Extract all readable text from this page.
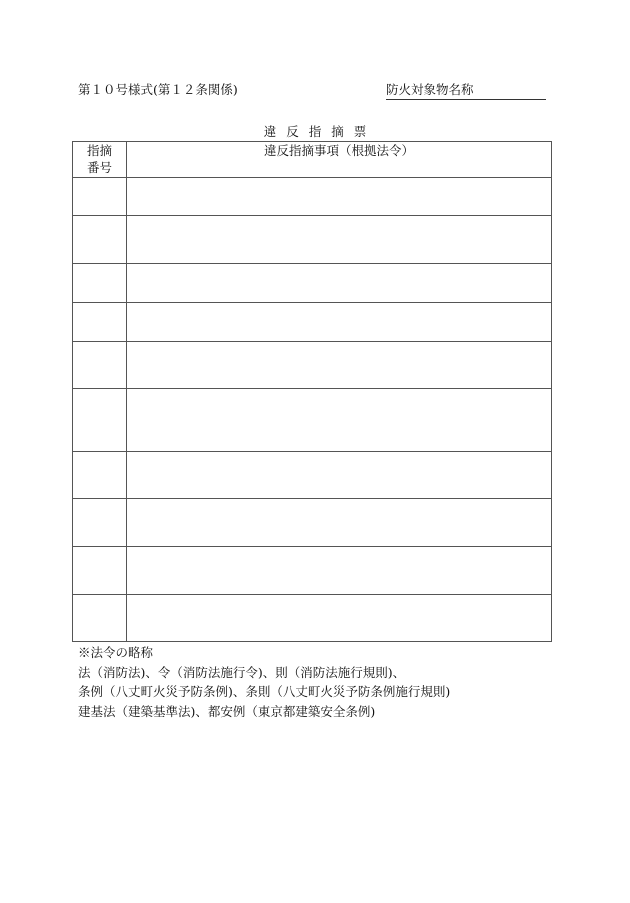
第１０号様式(第１２条関係)	防火対象物名称
違 反 指 摘 票
指摘
番号	違反指摘事項（根拠法令）

※法令の略称
法（消防法)、令（消防法施行令)、則（消防法施行規則)、
条例（八丈町火災予防条例)、条則（八丈町火災予防条例施行規則)
建基法（建築基準法)、都安例（東京都建築安全条例)
